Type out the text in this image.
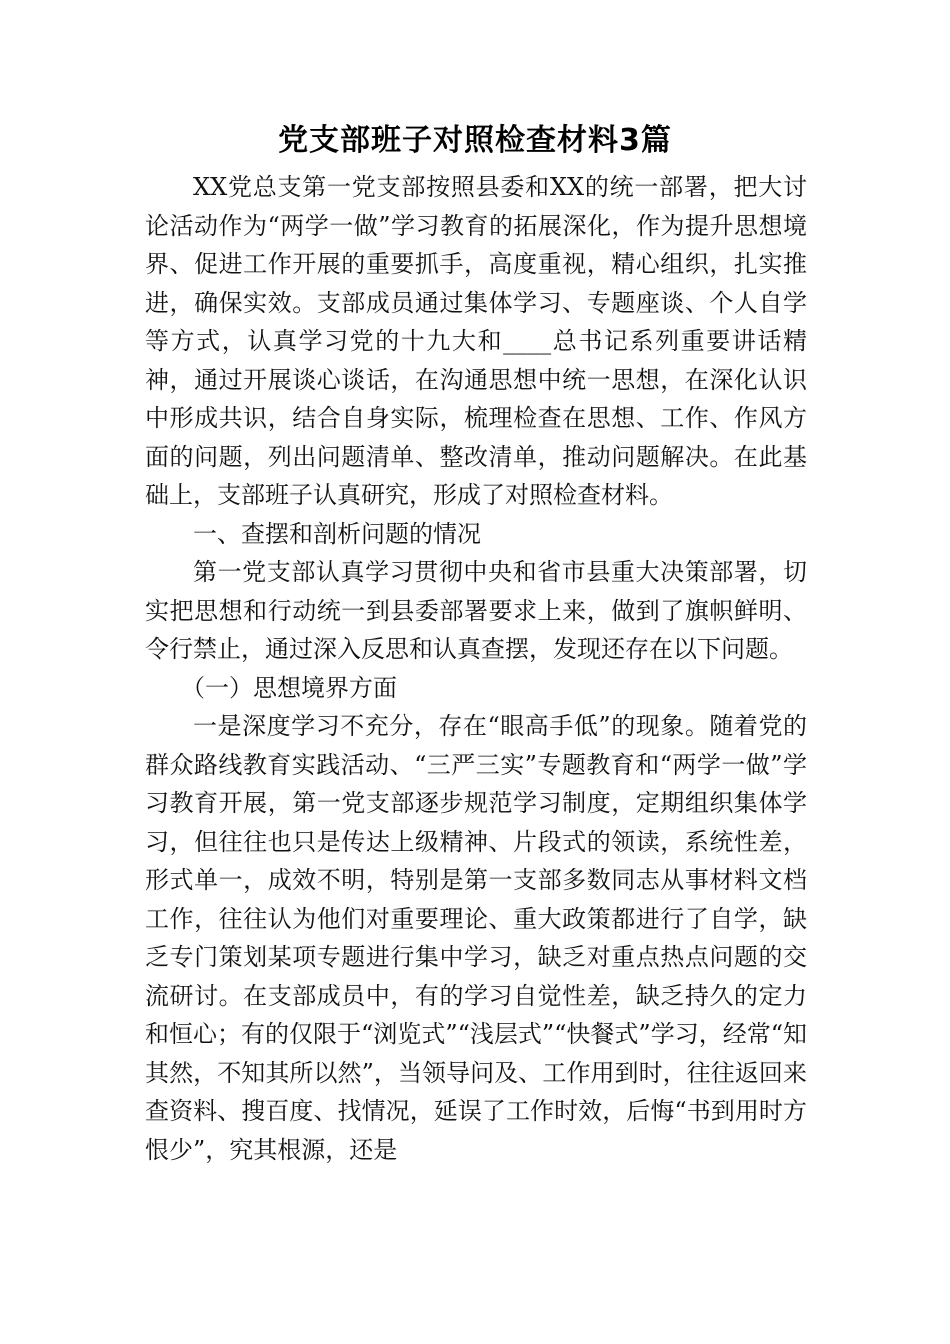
党支部班子对照检查材料3篇

XX党总支第一党支部按照县委和XX的统一部署，把大讨论活动作为“两学一做”学习教育的拓展深化，作为提升思想境界、促进工作开展的重要抓手，高度重视，精心组织，扎实推进，确保实效。支部成员通过集体学习、专题座谈、个人自学等方式，认真学习党的十九大和____总书记系列重要讲话精神，通过开展谈心谈话，在沟通思想中统一思想，在深化认识中形成共识，结合自身实际，梳理检查在思想、工作、作风方面的问题，列出问题清单、整改清单，推动问题解决。在此基础上，支部班子认真研究，形成了对照检查材料。

一、查摆和剖析问题的情况

第一党支部认真学习贯彻中央和省市县重大决策部署，切实把思想和行动统一到县委部署要求上来，做到了旗帜鲜明、令行禁止，通过深入反思和认真查摆，发现还存在以下问题。

（一）思想境界方面

一是深度学习不充分，存在“眼高手低”的现象。随着党的群众路线教育实践活动、“三严三实”专题教育和“两学一做”学习教育开展，第一党支部逐步规范学习制度，定期组织集体学习，但往往也只是传达上级精神、片段式的领读，系统性差，形式单一，成效不明，特别是第一支部多数同志从事材料文档工作，往往认为他们对重要理论、重大政策都进行了自学，缺乏专门策划某项专题进行集中学习，缺乏对重点热点问题的交流研讨。在支部成员中，有的学习自觉性差，缺乏持久的定力和恒心；有的仅限于“浏览式”“浅层式”“快餐式”学习，经常“知其然，不知其所以然”，当领导问及、工作用到时，往往返回来查资料、搜百度、找情况，延误了工作时效，后悔“书到用时方恨少”，究其根源，还是
